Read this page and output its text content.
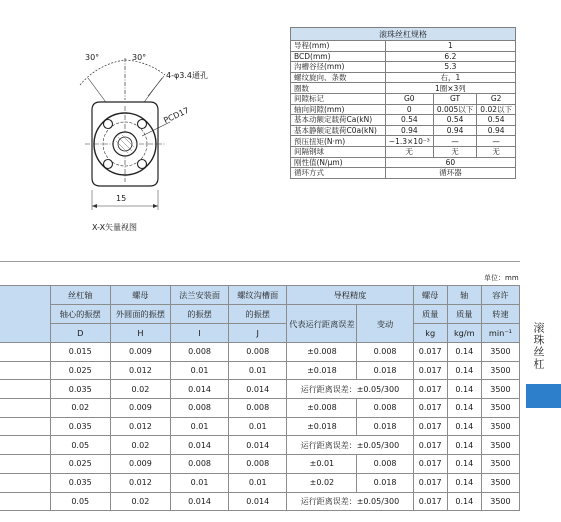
30°	30°
4-φ3.4通孔
PCD17
15
X-X矢量视图
滚珠丝杠规格			
导程(mm)	1		
BCD(mm)	6.2		
沟槽谷径(mm)	5.3		
螺纹旋向、条数	右，1		
圈数	1圈×3列		
间隙标记	G0	GT	G2
轴向间隙(mm)	0	0.005以下	0.02以下
基本动额定载荷Ca(kN)	0.54	0.54	0.54
基本静额定载荷C0a(kN)	0.94	0.94	0.94
预压扭矩(N·m)	~1.3×10⁻³	—	—
间隔钢球	无	无	无
刚性值(N/μm)	60		
循环方式	循环器		
单位：mm
	丝杠轴	螺母	法兰安装面	螺纹沟槽面	导程精度		螺母	轴	容许
	轴心的振摆	外圆面的振摆	的振摆	的振摆	代表运行距离误差	变动	质量	质量	转速
	D	H	I	J			kg	kg/m	min⁻¹
	0.015	0.009	0.008	0.008	±0.008	0.008	0.017	0.14	3500
	0.025	0.012	0.01	0.01	±0.018	0.018	0.017	0.14	3500
	0.035	0.02	0.014	0.014	运行距离误差：±0.05/300		0.017	0.14	3500
	0.02	0.009	0.008	0.008	±0.008	0.008	0.017	0.14	3500
	0.035	0.012	0.01	0.01	±0.018	0.018	0.017	0.14	3500
	0.05	0.02	0.014	0.014	运行距离误差：±0.05/300		0.017	0.14	3500
	0.025	0.009	0.008	0.008	±0.01	0.008	0.017	0.14	3500
	0.035	0.012	0.01	0.01	±0.02	0.018	0.017	0.14	3500
	0.05	0.02	0.014	0.014	运行距离误差：±0.05/300		0.017	0.14	3500
滚珠丝杠
